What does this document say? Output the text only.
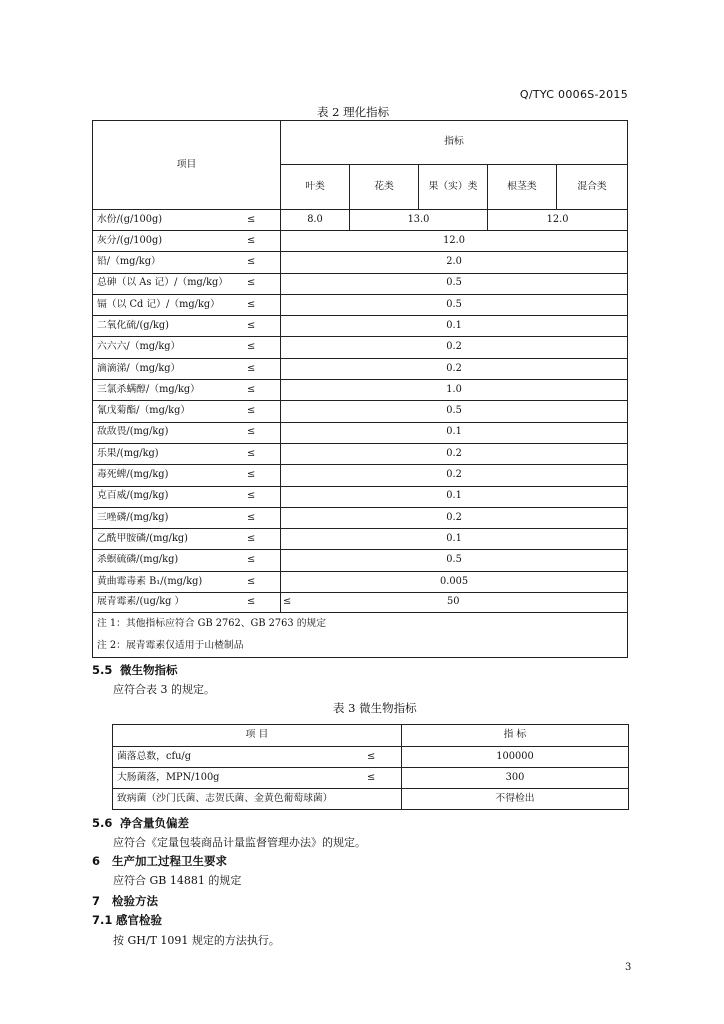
Q/TYC 0006S-2015
表 2 理化指标
项目	指标				
	叶类	花类	果（实）类	根茎类	混合类
水份/(g/100g) ≤	8.0	13.0		12.0	
灰分/(g/100g) ≤	12.0				
铅/（mg/kg） ≤	2.0				
总砷（以 As 记）/（mg/kg） ≤	0.5				
镉（以 Cd 记）/（mg/kg） ≤	0.5				
二氧化硫/(g/kg) ≤	0.1				
六六六/（mg/kg） ≤	0.2				
滴滴涕/（mg/kg） ≤	0.2				
三氯杀螨醇/（mg/kg） ≤	1.0				
氰戊菊酯/（mg/kg） ≤	0.5				
敌敌畏/(mg/kg) ≤	0.1				
乐果/(mg/kg) ≤	0.2				
毒死蜱/(mg/kg) ≤	0.2				
克百威/(mg/kg) ≤	0.1				
三唑磷/(mg/kg) ≤	0.2				
乙酰甲胺磷/(mg/kg) ≤	0.1				
杀螟硫磷/(mg/kg) ≤	0.5				
黄曲霉毒素 B₁/(mg/kg) ≤	0.005				
展青霉素/(ug/kg ） ≤	≤ 50				

注 1：其他指标应符合 GB 2762、GB 2763 的规定
注 2：展青霉素仅适用于山楂制品					
5.5 微生物指标
应符合表 3 的规定。
表 3 微生物指标
项 目	指 标
菌落总数，cfu/g ≤	100000
大肠菌落，MPN/100g ≤	300
致病菌（沙门氏菌、志贺氏菌、金黄色葡萄球菌）	不得检出
5.6 净含量负偏差
应符合《定量包装商品计量监督管理办法》的规定。
6 生产加工过程卫生要求
应符合 GB 14881 的规定
7 检验方法
7.1 感官检验
按 GH/T 1091 规定的方法执行。
3
